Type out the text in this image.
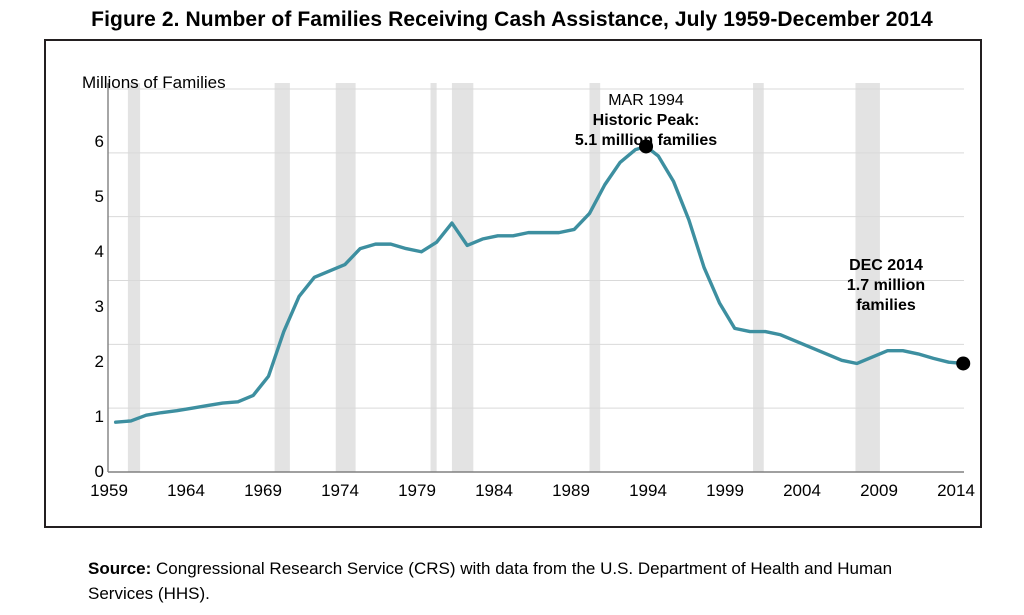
Figure 2. Number of Families Receiving Cash Assistance, July 1959-December 2014
Millions of Families
6
5
4
3
2
1
0
1959	1964	1969	1974	1979	1984	1989	1994	1999	2004	2009	2014
MAR 1994
Historic Peak:
5.1 million families
DEC 2014
1.7 million
families
Source: Congressional Research Service (CRS) with data from the U.S. Department of Health and Human Services (HHS).
